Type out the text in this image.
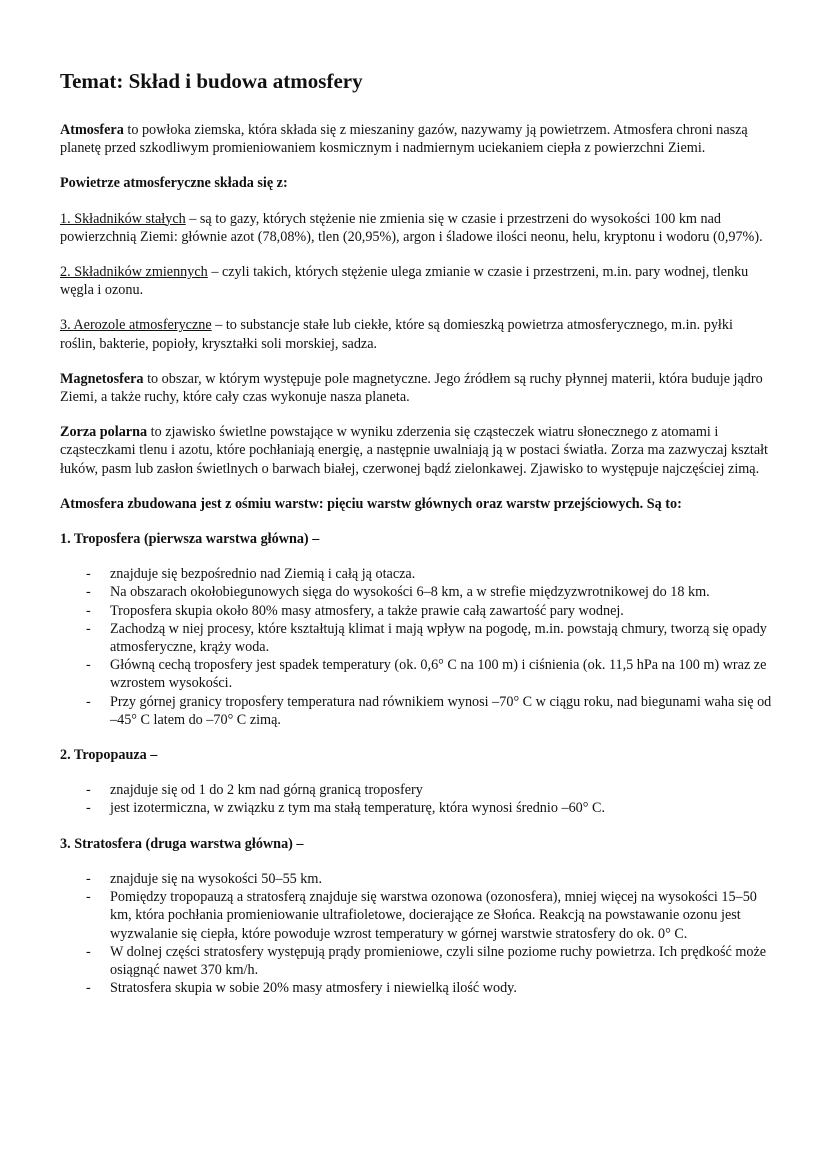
Temat: Skład i budowa atmosfery

Atmosfera to powłoka ziemska, która składa się z mieszaniny gazów, nazywamy ją powietrzem. Atmosfera chroni naszą planetę przed szkodliwym promieniowaniem kosmicznym i nadmiernym uciekaniem ciepła z powierzchni Ziemi.

Powietrze atmosferyczne składa się z:

1. Składników stałych – są to gazy, których stężenie nie zmienia się w czasie i przestrzeni do wysokości 100 km nad powierzchnią Ziemi: głównie azot (78,08%), tlen (20,95%), argon i śladowe ilości neonu, helu, kryptonu i wodoru (0,97%).

2. Składników zmiennych – czyli takich, których stężenie ulega zmianie w czasie i przestrzeni, m.in. pary wodnej, tlenku węgla i ozonu.

3. Aerozole atmosferyczne – to substancje stałe lub ciekłe, które są domieszką powietrza atmosferycznego, m.in. pyłki roślin, bakterie, popioły, kryształki soli morskiej, sadza.

Magnetosfera to obszar, w którym występuje pole magnetyczne. Jego źródłem są ruchy płynnej materii, która buduje jądro Ziemi, a także ruchy, które cały czas wykonuje nasza planeta.

Zorza polarna to zjawisko świetlne powstające w wyniku zderzenia się cząsteczek wiatru słonecznego z atomami i cząsteczkami tlenu i azotu, które pochłaniają energię, a następnie uwalniają ją w postaci światła. Zorza ma zazwyczaj kształt łuków, pasm lub zasłon świetlnych o barwach białej, czerwonej bądź zielonkawej. Zjawisko to występuje najczęściej zimą.

Atmosfera zbudowana jest z ośmiu warstw: pięciu warstw głównych oraz warstw przejściowych. Są to:

1. Troposfera (pierwsza warstwa główna) –

- znajduje się bezpośrednio nad Ziemią i całą ją otacza.
- Na obszarach okołobiegunowych sięga do wysokości 6–8 km, a w strefie międzyzwrotnikowej do 18 km.
- Troposfera skupia około 80% masy atmosfery, a także prawie całą zawartość pary wodnej.
- Zachodzą w niej procesy, które kształtują klimat i mają wpływ na pogodę, m.in. powstają chmury, tworzą się opady atmosferyczne, krąży woda.
- Główną cechą troposfery jest spadek temperatury (ok. 0,6° C na 100 m) i ciśnienia (ok. 11,5 hPa na 100 m) wraz ze wzrostem wysokości.
- Przy górnej granicy troposfery temperatura nad równikiem wynosi –70° C w ciągu roku, nad biegunami waha się od –45° C latem do –70° C zimą.

2. Tropopauza –

- znajduje się od 1 do 2 km nad górną granicą troposfery
- jest izotermiczna, w związku z tym ma stałą temperaturę, która wynosi średnio –60° C.

3. Stratosfera (druga warstwa główna) –

- znajduje się na wysokości 50–55 km.
- Pomiędzy tropopauzą a stratosferą znajduje się warstwa ozonowa (ozonosfera), mniej więcej na wysokości 15–50 km, która pochłania promieniowanie ultrafioletowe, docierające ze Słońca. Reakcją na powstawanie ozonu jest wyzwalanie się ciepła, które powoduje wzrost temperatury w górnej warstwie stratosfery do ok. 0° C.
- W dolnej części stratosfery występują prądy promieniowe, czyli silne poziome ruchy powietrza. Ich prędkość może osiągnąć nawet 370 km/h.
- Stratosfera skupia w sobie 20% masy atmosfery i niewielką ilość wody.
